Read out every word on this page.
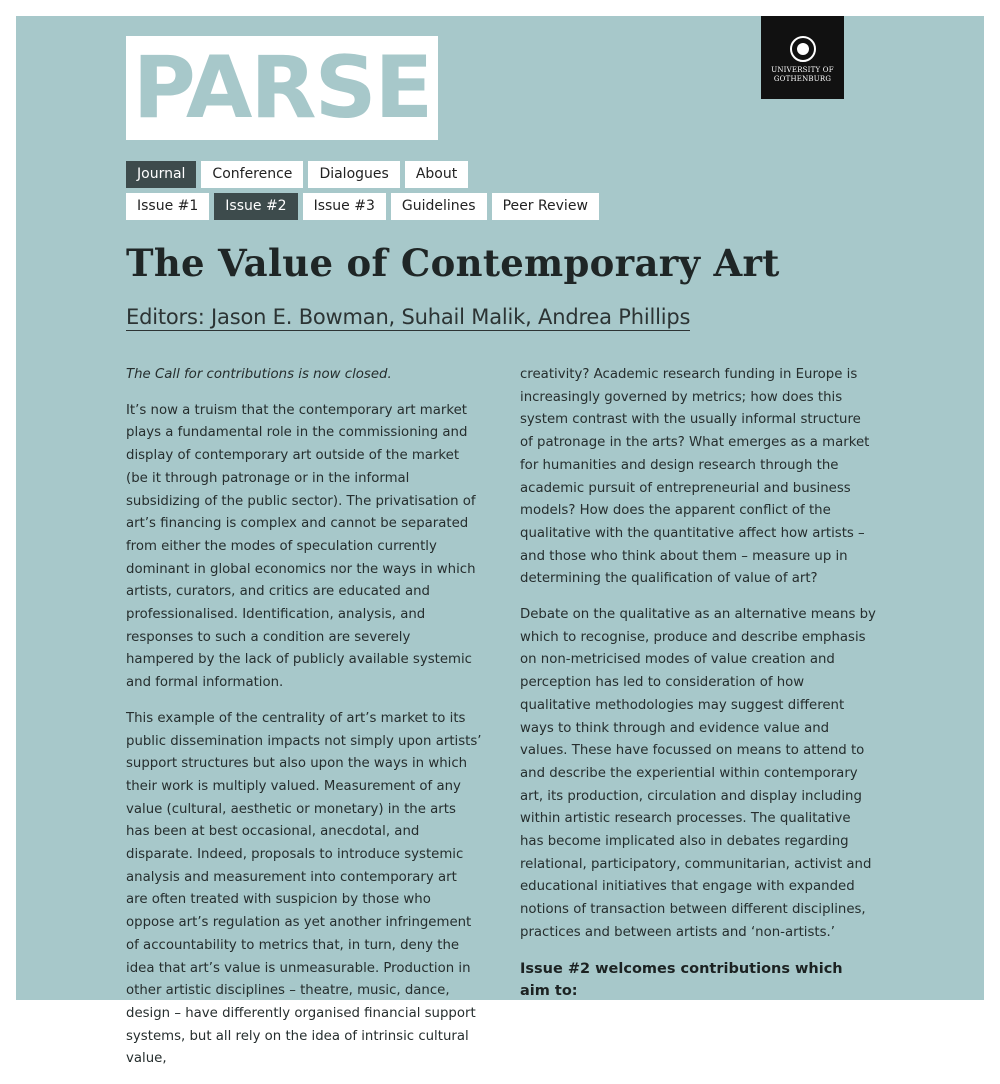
PARSE	UNIVERSITY OF
GOTHENBURG
Journal	Conference	Dialogues	About
Issue #1	Issue #2	Issue #3	Guidelines	Peer Review
The Value of Contemporary Art
Editors: Jason E. Bowman, Suhail Malik, Andrea Phillips

The Call for contributions is now closed.

It’s now a truism that the contemporary art market plays a fundamental role in the commissioning and display of contemporary art outside of the market (be it through patronage or in the informal subsidizing of the public sector). The privatisation of art’s financing is complex and cannot be separated from either the modes of speculation currently dominant in global economics nor the ways in which artists, curators, and critics are educated and professionalised. Identification, analysis, and responses to such a condition are severely hampered by the lack of publicly available systemic and formal information.

This example of the centrality of art’s market to its public dissemination impacts not simply upon artists’ support structures but also upon the ways in which their work is multiply valued. Measurement of any value (cultural, aesthetic or monetary) in the arts has been at best occasional, anecdotal, and disparate. Indeed, proposals to introduce systemic analysis and measurement into contemporary art are often treated with suspicion by those who oppose art’s regulation as yet another infringement of accountability to metrics that, in turn, deny the idea that art’s value is unmeasurable. Production in other artistic disciplines – theatre, music, dance, design – have differently organised financial support systems, but all rely on the idea of intrinsic cultural value,

creativity? Academic research funding in Europe is increasingly governed by metrics; how does this system contrast with the usually informal structure of patronage in the arts? What emerges as a market for humanities and design research through the academic pursuit of entrepreneurial and business models? How does the apparent conflict of the qualitative with the quantitative affect how artists – and those who think about them – measure up in determining the qualification of value of art?

Debate on the qualitative as an alternative means by which to recognise, produce and describe emphasis on non-metricised modes of value creation and perception has led to consideration of how qualitative methodologies may suggest different ways to think through and evidence value and values. These have focussed on means to attend to and describe the experiential within contemporary art, its production, circulation and display including within artistic research processes. The qualitative has become implicated also in debates regarding relational, participatory, communitarian, activist and educational initiatives that engage with expanded notions of transaction between different disciplines, practices and between artists and ‘non-artists.’

Issue #2 welcomes contributions which aim to:
